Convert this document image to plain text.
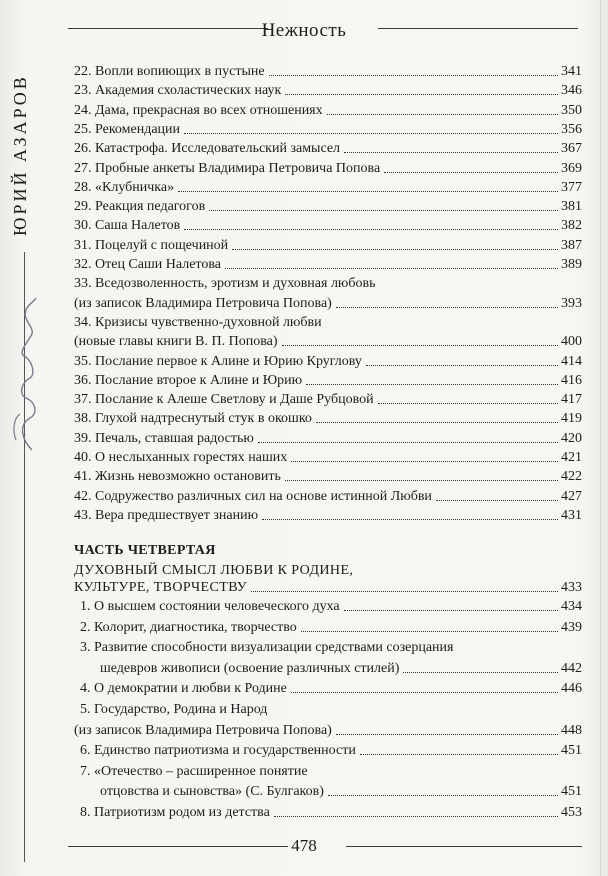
Нежность
ЮРИЙ АЗАРОВ
22. Вопли вопиющих в пустыне	341
23. Академия схоластических наук	346
24. Дама, прекрасная во всех отношениях	350
25. Рекомендации	356
26. Катастрофа. Исследовательский замысел	367
27. Пробные анкеты Владимира Петровича Попова	369
28. «Клубничка»	377
29. Реакция педагогов	381
30. Саша Налетов	382
31. Поцелуй с пощечиной	387
32. Отец Саши Налетова	389
33. Вседозволенность, эротизм и духовная любовь
(из записок Владимира Петровича Попова)	393
34. Кризисы чувственно-духовной любви
(новые главы книги В. П. Попова)	400
35. Послание первое к Алине и Юрию Круглову	414
36. Послание второе к Алине и Юрию	416
37. Послание к Алеше Светлову и Даше Рубцовой	417
38. Глухой надтреснутый стук в окошко	419
39. Печаль, ставшая радостью	420
40. О неслыханных горестях наших	421
41. Жизнь невозможно остановить	422
42. Содружество различных сил на основе истинной Любви	427
43. Вера предшествует знанию	431
1. О высшем состоянии человеческого духа	434
2. Колорит, диагностика, творчество	439
3. Развитие способности визуализации средствами созерцания
шедевров живописи (освоение различных стилей)	442
4. О демократии и любви к Родине	446
5. Государство, Родина и Народ
(из записок Владимира Петровича Попова)	448
6. Единство патриотизма и государственности	451
7. «Отечество – расширенное понятие
отцовства и сыновства» (С. Булгаков)	451
8. Патриотизм родом из детства	453
ЧАСТЬ ЧЕТВЕРТАЯ
ДУХОВНЫЙ СМЫСЛ ЛЮБВИ К РОДИНЕ,
КУЛЬТУРЕ, ТВОРЧЕСТВУ	433
478
